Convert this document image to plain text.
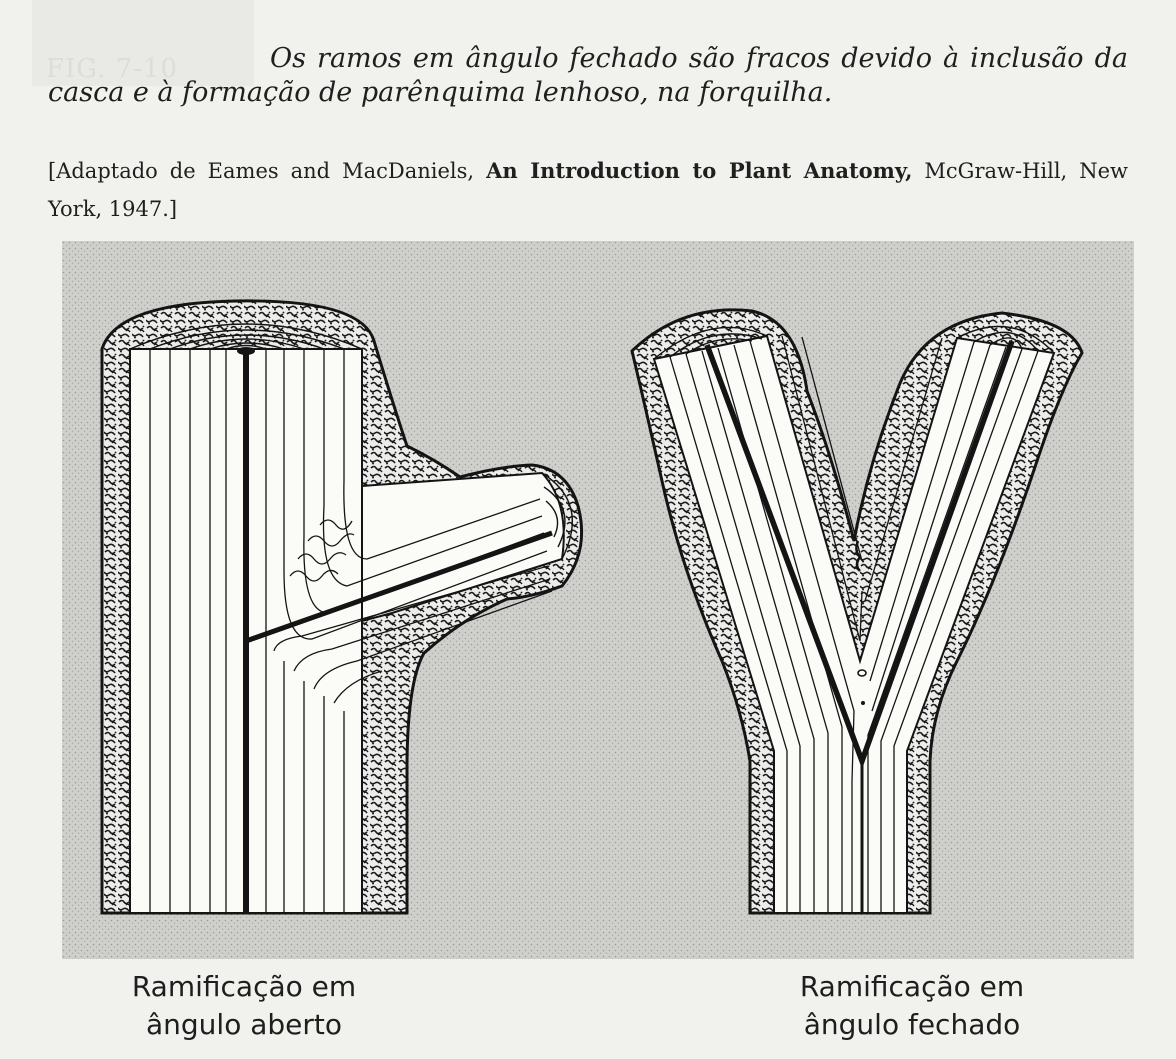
FIG. 7-10	Os ramos em ângulo fechado são fracos devido à inclusão da casca e à formação de parênquima lenhoso, na forquilha.

[Adaptado de Eames and MacDaniels, An Introduction to Plant Anatomy, McGraw-Hill, New York, 1947.]

Ramificação em
ângulo aberto
Ramificação em
ângulo fechado
